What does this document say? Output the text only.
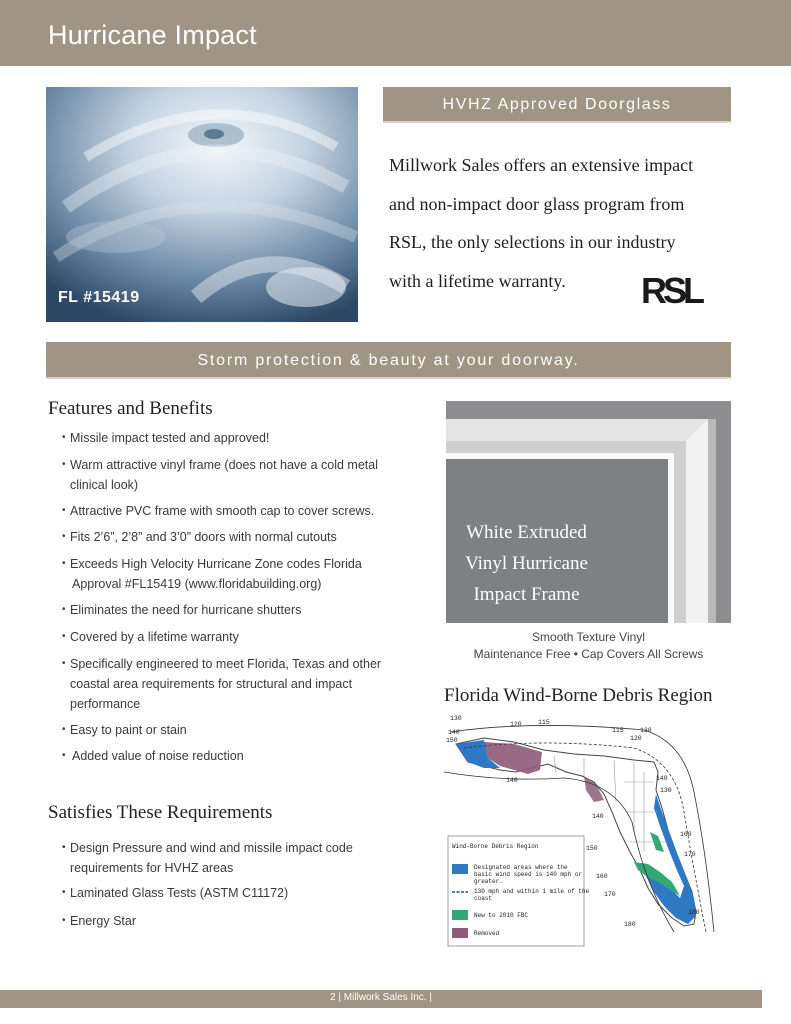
Hurricane Impact
FL #15419
HVHZ Approved Doorglass

Millwork Sales offers an extensive impact

and non-impact door glass program from

RSL, the only selections in our industry

with a lifetime warranty.	RSL
Storm protection & beauty at your doorway.
Features and Benefits
• Missile impact tested and approved!
• Warm attractive vinyl frame (does not have a cold metal
clinical look)
• Attractive PVC frame with smooth cap to cover screws.
• Fits 2’6”, 2’8” and 3’0” doors with normal cutouts
• Exceeds High Velocity Hurricane Zone codes Florida
Approval #FL15419 (www.floridabuilding.org)
• Eliminates the need for hurricane shutters
• Covered by a lifetime warranty
• Specifically engineered to meet Florida, Texas and other
coastal area requirements for structural and impact
performance
• Easy to paint or stain
• Added value of noise reduction
Satisfies These Requirements
• Design Pressure and wind and missile impact code
requirements for HVHZ areas
• Laminated Glass Tests (ASTM C11172)
• Energy Star
White Extruded
Vinyl Hurricane
Impact Frame
Smooth Texture Vinyl
Maintenance Free • Cap Covers All Screws
Florida Wind-Borne Debris Region
130
120	115
115
120
130
140
150
140	140
130
140
150
160
170
160
170
180
180
Wind-Borne Debris Region
Designated areas where the
basic wind speed is 140 mph or
greater.
130 mph and within 1 mile of the
coast
New to 2010 FBC
Removed
2 | Millwork Sales Inc. |
